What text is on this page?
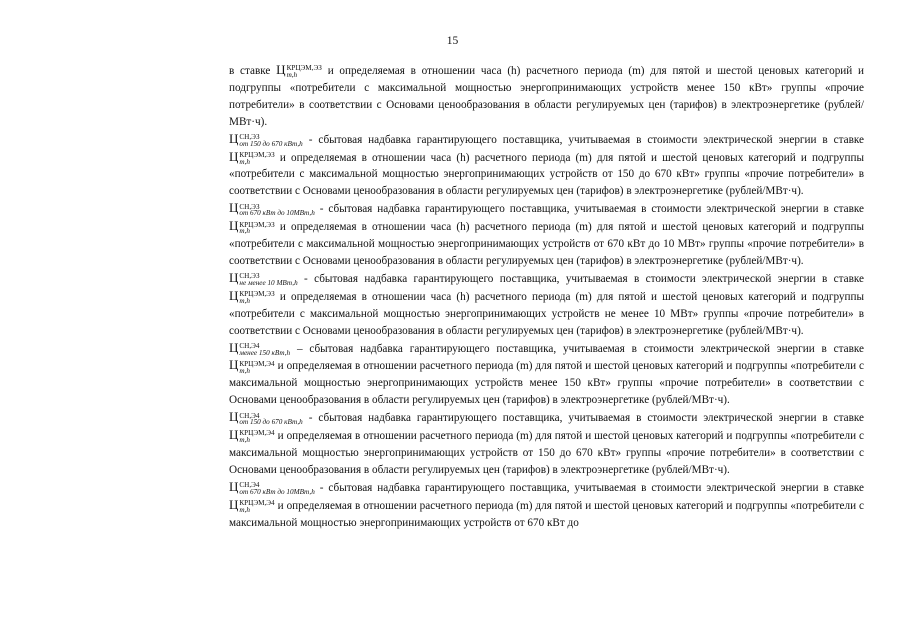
15

в ставке Ц КРЦЭМ,ЭЗ
m,h	и определяемая в отношении часа (h) расчетного периода (m) для пятой и шестой ценовых категорий и подгруппы «потребители с максимальной мощностью энергопринимающих устройств менее 150 кВт» группы «прочие потребители» в соответствии с Основами ценообразования в области регулируемых цен (тарифов) в электроэнергетике (рублей/МВт·ч).

Ц СН,ЭЗ
от 150 до 670 кВт,h - сбытовая надбавка гарантирующего поставщика, учитываемая в стоимости электрической энергии в ставке Ц КРЦЭМ,ЭЗ
m,h	и определяемая в отношении часа (h) расчетного периода (m) для пятой и шестой ценовых категорий и подгруппы «потребители с максимальной мощностью энергопринимающих устройств от 150 до 670 кВт» группы «прочие потребители» в соответствии с Основами ценообразования в области регулируемых цен (тарифов) в электроэнергетике (рублей/МВт·ч).

Ц СН,ЭЗ
от 670 кВт до 10МВт,h - сбытовая надбавка гарантирующего поставщика, учитываемая в стоимости электрической энергии в ставке Ц КРЦЭМ,ЭЗ
m,h	и определяемая в отношении часа (h) расчетного периода (m) для пятой и шестой ценовых категорий и подгруппы «потребители с максимальной мощностью энергопринимающих устройств от 670 кВт до 10 МВт» группы «прочие потребители» в соответствии с Основами ценообразования в области регулируемых цен (тарифов) в электроэнергетике (рублей/МВт·ч).

Ц СН,ЭЗ
не менее 10 МВт,h - сбытовая надбавка гарантирующего поставщика, учитываемая в стоимости электрической энергии в ставке Ц КРЦЭМ,ЭЗ
m,h	и определяемая в отношении часа (h) расчетного периода (m) для пятой и шестой ценовых категорий и подгруппы «потребители с максимальной мощностью энергопринимающих устройств не менее 10 МВт» группы «прочие потребители» в соответствии с Основами ценообразования в области регулируемых цен (тарифов) в электроэнергетике (рублей/МВт·ч).

Ц СН,Э4
менее 150 кВт,h – сбытовая надбавка гарантирующего поставщика, учитываемая в стоимости электрической энергии в ставке Ц КРЦЭМ,Э4
m,h	и определяемая в отношении расчетного периода (m) для пятой и шестой ценовых категорий и подгруппы «потребители с максимальной мощностью энергопринимающих устройств менее 150 кВт» группы «прочие потребители» в соответствии с Основами ценообразования в области регулируемых цен (тарифов) в электроэнергетике (рублей/МВт·ч).

Ц СН,Э4
от 150 до 670 кВт,h - сбытовая надбавка гарантирующего поставщика, учитываемая в стоимости электрической энергии в ставке Ц КРЦЭМ,Э4
m,h	и определяемая в отношении расчетного периода (m) для пятой и шестой ценовых категорий и подгруппы «потребители с максимальной мощностью энергопринимающих устройств от 150 до 670 кВт» группы «прочие потребители» в соответствии с Основами ценообразования в области регулируемых цен (тарифов) в электроэнергетике (рублей/МВт·ч).

Ц СН,Э4
от 670 кВт до 10МВт,h - сбытовая надбавка гарантирующего поставщика, учитываемая в стоимости электрической энергии в ставке Ц КРЦЭМ,Э4
m,h	и определяемая в отношении расчетного периода (m) для пятой и шестой ценовых категорий и подгруппы «потребители с максимальной мощностью энергопринимающих устройств от 670 кВт до
